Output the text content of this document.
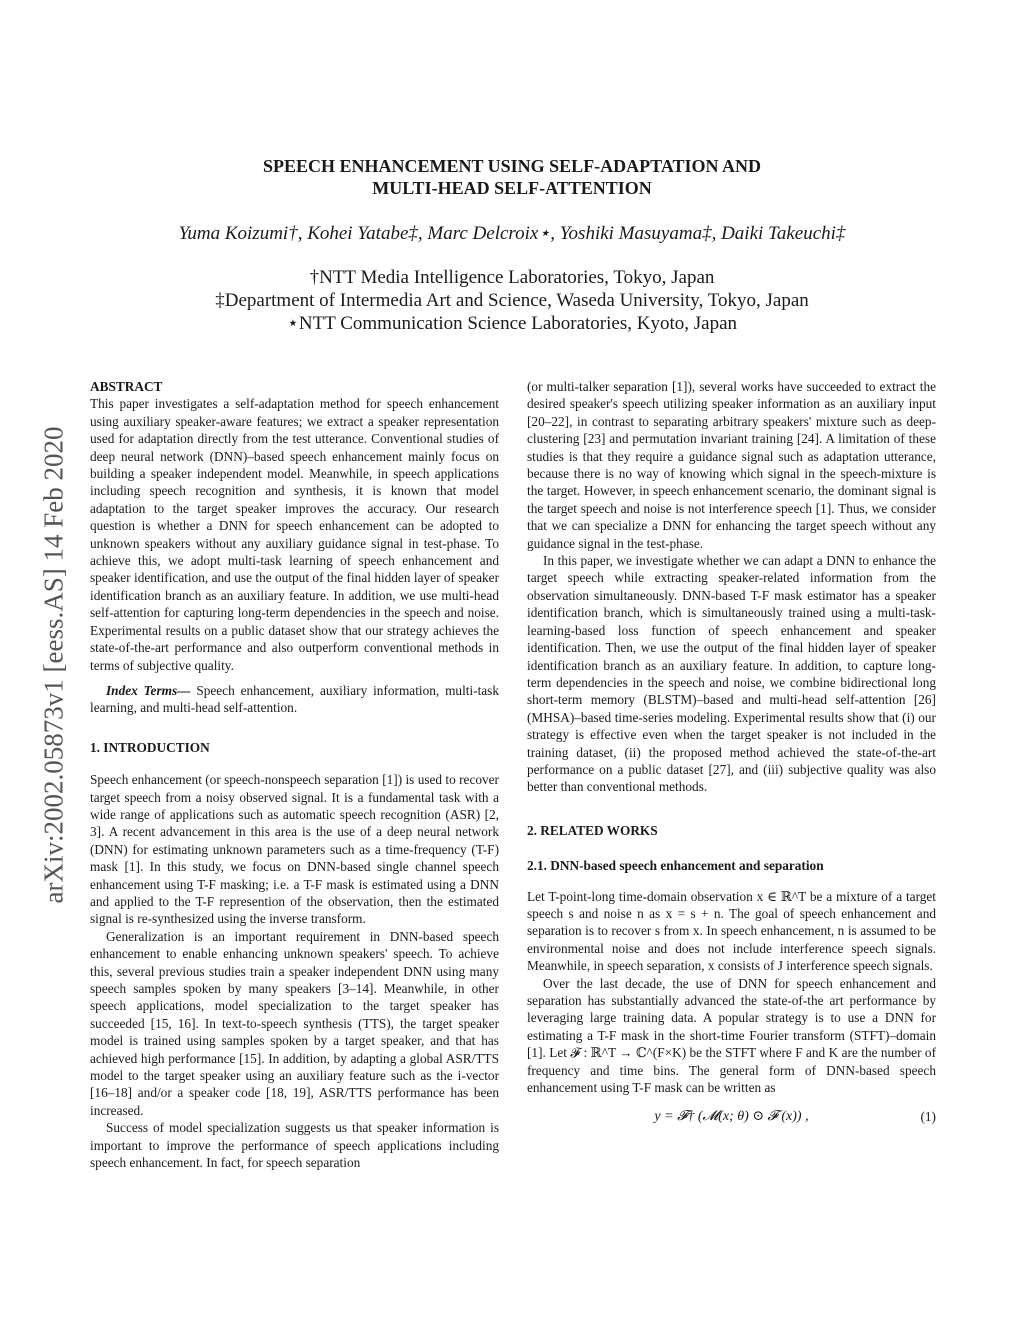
arXiv:2002.05873v1 [eess.AS] 14 Feb 2020
SPEECH ENHANCEMENT USING SELF-ADAPTATION AND
MULTI-HEAD SELF-ATTENTION
Yuma Koizumi†, Kohei Yatabe‡, Marc Delcroix⋆, Yoshiki Masuyama‡, Daiki Takeuchi‡
†NTT Media Intelligence Laboratories, Tokyo, Japan
‡Department of Intermedia Art and Science, Waseda University, Tokyo, Japan
⋆NTT Communication Science Laboratories, Kyoto, Japan

ABSTRACT

This paper investigates a self-adaptation method for speech enhancement using auxiliary speaker-aware features; we extract a speaker representation used for adaptation directly from the test utterance. Conventional studies of deep neural network (DNN)–based speech enhancement mainly focus on building a speaker independent model. Meanwhile, in speech applications including speech recognition and synthesis, it is known that model adaptation to the target speaker improves the accuracy. Our research question is whether a DNN for speech enhancement can be adopted to unknown speakers without any auxiliary guidance signal in test-phase. To achieve this, we adopt multi-task learning of speech enhancement and speaker identification, and use the output of the final hidden layer of speaker identification branch as an auxiliary feature. In addition, we use multi-head self-attention for capturing long-term dependencies in the speech and noise. Experimental results on a public dataset show that our strategy achieves the state-of-the-art performance and also outperform conventional methods in terms of subjective quality.

Index Terms— Speech enhancement, auxiliary information, multi-task learning, and multi-head self-attention.

1. INTRODUCTION

Speech enhancement (or speech-nonspeech separation [1]) is used to recover target speech from a noisy observed signal. It is a fundamental task with a wide range of applications such as automatic speech recognition (ASR) [2, 3]. A recent advancement in this area is the use of a deep neural network (DNN) for estimating unknown parameters such as a time-frequency (T-F) mask [1]. In this study, we focus on DNN-based single channel speech enhancement using T-F masking; i.e. a T-F mask is estimated using a DNN and applied to the T-F represention of the observation, then the estimated signal is re-synthesized using the inverse transform.

Generalization is an important requirement in DNN-based speech enhancement to enable enhancing unknown speakers' speech. To achieve this, several previous studies train a speaker independent DNN using many speech samples spoken by many speakers [3–14]. Meanwhile, in other speech applications, model specialization to the target speaker has succeeded [15, 16]. In text-to-speech synthesis (TTS), the target speaker model is trained using samples spoken by a target speaker, and that has achieved high performance [15]. In addition, by adapting a global ASR/TTS model to the target speaker using an auxiliary feature such as the i-vector [16–18] and/or a speaker code [18, 19], ASR/TTS performance has been increased.

Success of model specialization suggests us that speaker information is important to improve the performance of speech applications including speech enhancement. In fact, for speech separation

(or multi-talker separation [1]), several works have succeeded to extract the desired speaker's speech utilizing speaker information as an auxiliary input [20–22], in contrast to separating arbitrary speakers' mixture such as deep-clustering [23] and permutation invariant training [24]. A limitation of these studies is that they require a guidance signal such as adaptation utterance, because there is no way of knowing which signal in the speech-mixture is the target. However, in speech enhancement scenario, the dominant signal is the target speech and noise is not interference speech [1]. Thus, we consider that we can specialize a DNN for enhancing the target speech without any guidance signal in the test-phase.

In this paper, we investigate whether we can adapt a DNN to enhance the target speech while extracting speaker-related information from the observation simultaneously. DNN-based T-F mask estimator has a speaker identification branch, which is simultaneously trained using a multi-task-learning-based loss function of speech enhancement and speaker identification. Then, we use the output of the final hidden layer of speaker identification branch as an auxiliary feature. In addition, to capture long-term dependencies in the speech and noise, we combine bidirectional long short-term memory (BLSTM)–based and multi-head self-attention [26] (MHSA)–based time-series modeling. Experimental results show that (i) our strategy is effective even when the target speaker is not included in the training dataset, (ii) the proposed method achieved the state-of-the-art performance on a public dataset [27], and (iii) subjective quality was also better than conventional methods.

2. RELATED WORKS

2.1. DNN-based speech enhancement and separation

Let T-point-long time-domain observation x ∈ ℝ^T be a mixture of a target speech s and noise n as x = s + n. The goal of speech enhancement and separation is to recover s from x. In speech enhancement, n is assumed to be environmental noise and does not include interference speech signals. Meanwhile, in speech separation, x consists of J interference speech signals.

Over the last decade, the use of DNN for speech enhancement and separation has substantially advanced the state-of-the art performance by leveraging large training data. A popular strategy is to use a DNN for estimating a T-F mask in the short-time Fourier transform (STFT)–domain [1]. Let 𝓕 : ℝ^T → ℂ^(F×K) be the STFT where F and K are the number of frequency and time bins. The general form of DNN-based speech enhancement using T-F mask can be written as

y = 𝓕† (𝓜(x; θ) ⊙ 𝓕 (x)) ,	(1)
